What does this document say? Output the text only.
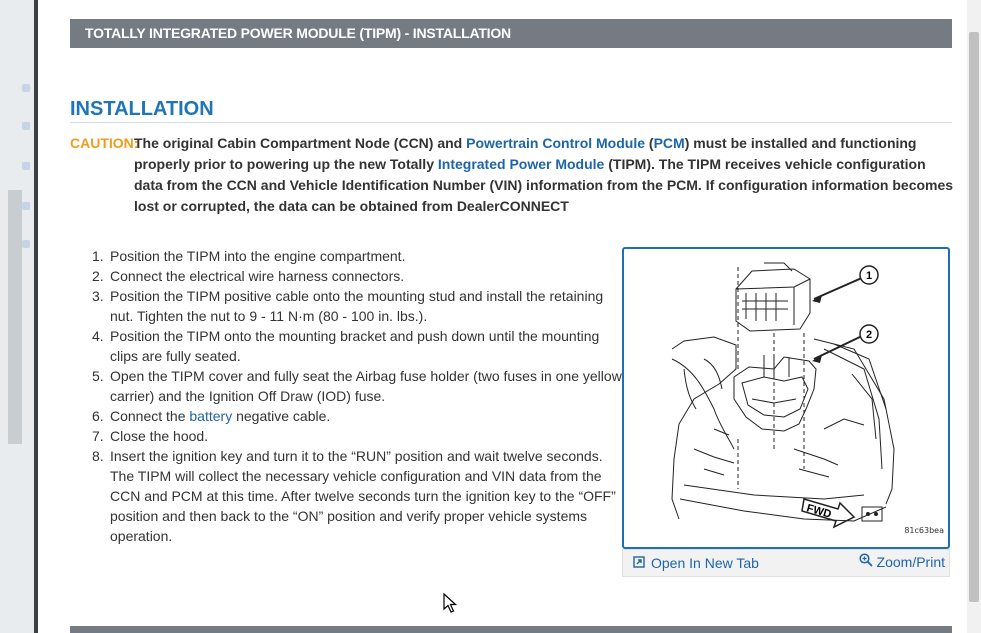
TOTALLY INTEGRATED POWER MODULE (TIPM) - INSTALLATION
INSTALLATION
CAUTION:
The original Cabin Compartment Node (CCN) and Powertrain Control Module (PCM) must be installed and functioning properly prior to powering up the new Totally Integrated Power Module (TIPM). The TIPM receives vehicle configuration data from the CCN and Vehicle Identification Number (VIN) information from the PCM. If configuration information becomes lost or corrupted, the data can be obtained from DealerCONNECT
1. Position the TIPM into the engine compartment.
2. Connect the electrical wire harness connectors.
3. Position the TIPM positive cable onto the mounting stud and install the retaining nut. Tighten the nut to 9 - 11 N·m (80 - 100 in. lbs.).
4. Position the TIPM onto the mounting bracket and push down until the mounting clips are fully seated.
5. Open the TIPM cover and fully seat the Airbag fuse holder (two fuses in one yellow carrier) and the Ignition Off Draw (IOD) fuse.
6. Connect the battery negative cable.
7. Close the hood.
8. Insert the ignition key and turn it to the “RUN” position and wait twelve seconds. The TIPM will collect the necessary vehicle configuration and VIN data from the CCN and PCM at this time. After twelve seconds turn the ignition key to the “OFF” position and then back to the “ON” position and verify proper vehicle systems operation.
1
2
FWD
81c63bea
Open In New Tab	Zoom/Print
